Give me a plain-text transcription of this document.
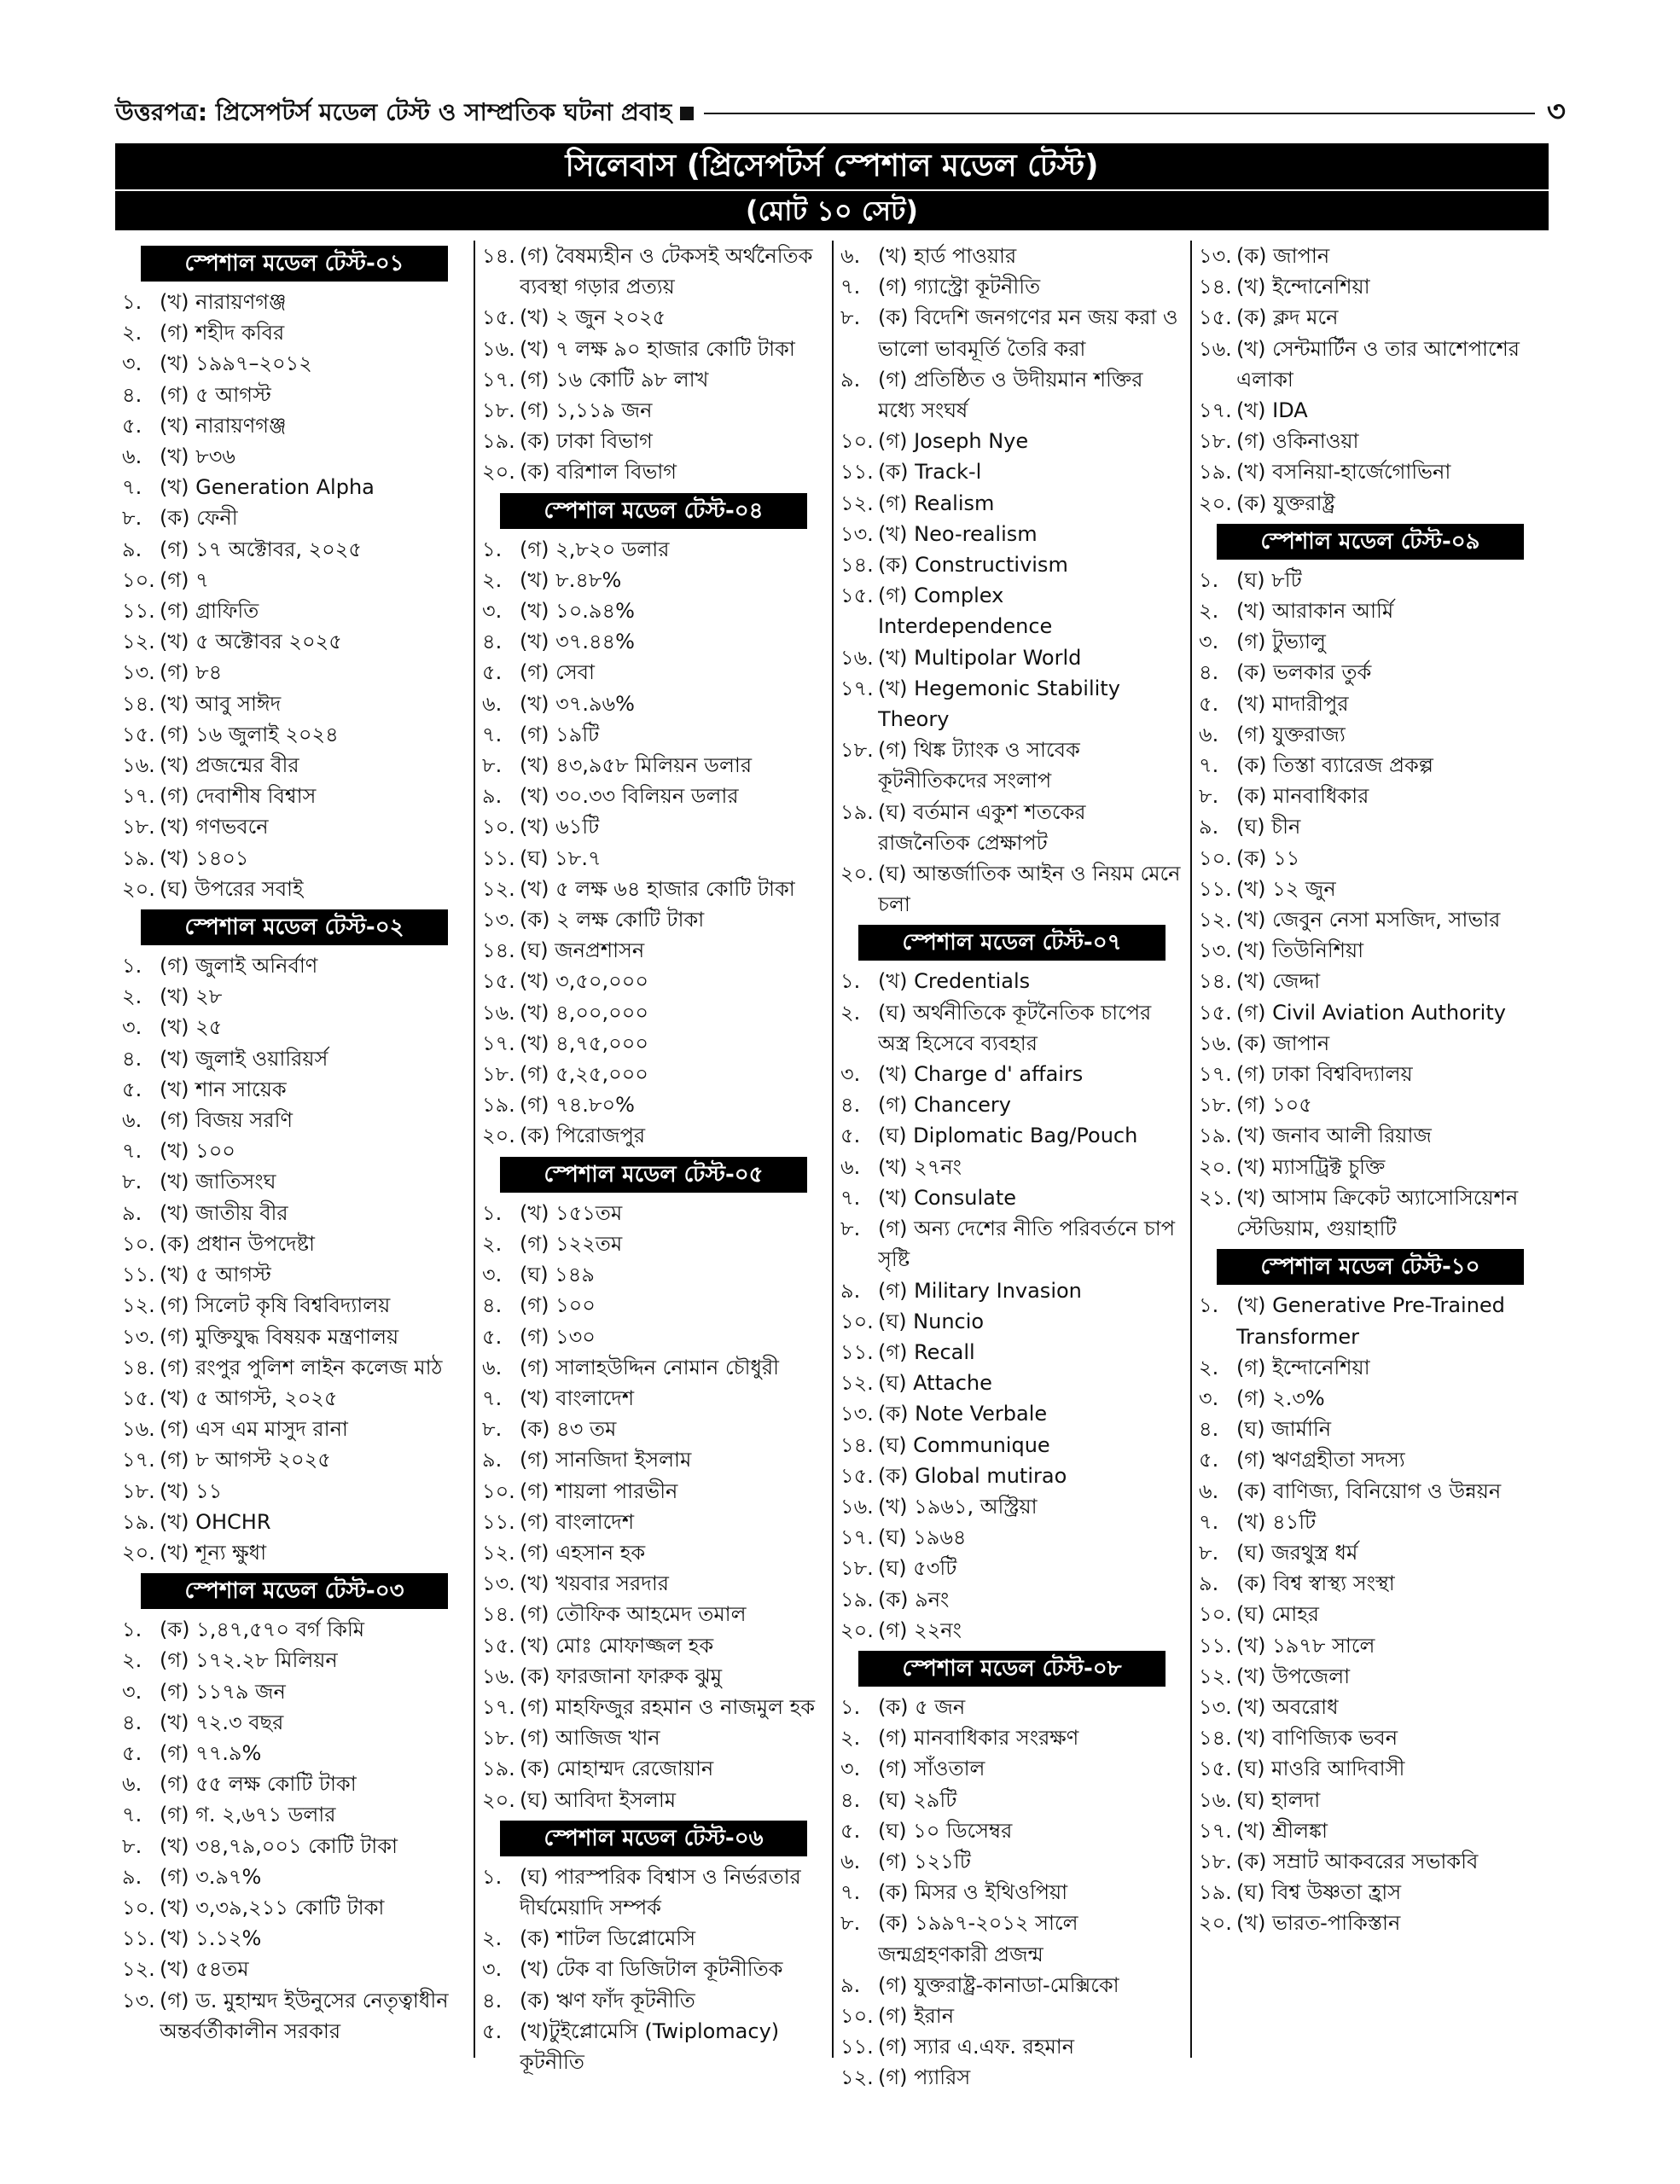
উত্তরপত্র: প্রিসেপটর্স মডেল টেস্ট ও সাম্প্রতিক ঘটনা প্রবাহ	৩
সিলেবাস (প্রিসেপটর্স স্পেশাল মডেল টেস্ট)
(মোট ১০ সেট)
স্পেশাল মডেল টেস্ট-০১
১. (খ) নারায়ণগঞ্জ
২. (গ) শহীদ কবির
৩. (খ) ১৯৯৭–২০১২
৪. (গ) ৫ আগস্ট
৫. (খ) নারায়ণগঞ্জ
৬. (খ) ৮৩৬
৭. (খ) Generation Alpha
৮. (ক) ফেনী
৯. (গ) ১৭ অক্টোবর, ২০২৫
১০. (গ) ৭
১১. (গ) গ্রাফিতি
১২. (খ) ৫ অক্টোবর ২০২৫
১৩. (গ) ৮৪
১৪. (খ) আবু সাঈদ
১৫. (গ) ১৬ জুলাই ২০২৪
১৬. (খ) প্রজন্মের বীর
১৭. (গ) দেবাশীষ বিশ্বাস
১৮. (খ) গণভবনে
১৯. (খ) ১৪০১
২০. (ঘ) উপরের সবাই
স্পেশাল মডেল টেস্ট-০২
১. (গ) জুলাই অনির্বাণ
২. (খ) ২৮
৩. (খ) ২৫
৪. (খ) জুলাই ওয়ারিয়র্স
৫. (খ) শান সায়েক
৬. (গ) বিজয় সরণি
৭. (খ) ১০০
৮. (খ) জাতিসংঘ
৯. (খ) জাতীয় বীর
১০. (ক) প্রধান উপদেষ্টা
১১. (খ) ৫ আগস্ট
১২. (গ) সিলেট কৃষি বিশ্ববিদ্যালয়
১৩. (গ) মুক্তিযুদ্ধ বিষয়ক মন্ত্রণালয়
১৪. (গ) রংপুর পুলিশ লাইন কলেজ মাঠ
১৫. (খ) ৫ আগস্ট, ২০২৫
১৬. (গ) এস এম মাসুদ রানা
১৭. (গ) ৮ আগস্ট ২০২৫
১৮. (খ) ১১
১৯. (খ) OHCHR
২০. (খ) শূন্য ক্ষুধা
স্পেশাল মডেল টেস্ট-০৩
১. (ক) ১,৪৭,৫৭০ বর্গ কিমি
২. (গ) ১৭২.২৮ মিলিয়ন
৩. (গ) ১১৭৯ জন
৪. (খ) ৭২.৩ বছর
৫. (গ) ৭৭.৯%
৬. (গ) ৫৫ লক্ষ কোটি টাকা
৭. (গ) গ. ২,৬৭১ ডলার
৮. (খ) ৩৪,৭৯,০০১ কোটি টাকা
৯. (গ) ৩.৯৭%
১০. (খ) ৩,৩৯,২১১ কোটি টাকা
১১. (খ) ১.১২%
১২. (খ) ৫৪তম
১৩. (গ) ড. মুহাম্মদ ইউনুসের নেতৃত্বাধীন অন্তর্বর্তীকালীন সরকার
১৪. (গ) বৈষম্যহীন ও টেকসই অর্থনৈতিক ব্যবস্থা গড়ার প্রত্যয়
১৫. (খ) ২ জুন ২০২৫
১৬. (খ) ৭ লক্ষ ৯০ হাজার কোটি টাকা
১৭. (গ) ১৬ কোটি ৯৮ লাখ
১৮. (গ) ১,১১৯ জন
১৯. (ক) ঢাকা বিভাগ
২০. (ক) বরিশাল বিভাগ
স্পেশাল মডেল টেস্ট-০৪
১. (গ) ২,৮২০ ডলার
২. (খ) ৮.৪৮%
৩. (খ) ১০.৯৪%
৪. (খ) ৩৭.৪৪%
৫. (গ) সেবা
৬. (খ) ৩৭.৯৬%
৭. (গ) ১৯টি
৮. (খ) ৪৩,৯৫৮ মিলিয়ন ডলার
৯. (খ) ৩০.৩৩ বিলিয়ন ডলার
১০. (খ) ৬১টি
১১. (ঘ) ১৮.৭
১২. (খ) ৫ লক্ষ ৬৪ হাজার কোটি টাকা
১৩. (ক) ২ লক্ষ কোটি টাকা
১৪. (ঘ) জনপ্রশাসন
১৫. (খ) ৩,৫০,০০০
১৬. (খ) ৪,০০,০০০
১৭. (খ) ৪,৭৫,০০০
১৮. (গ) ৫,২৫,০০০
১৯. (গ) ৭৪.৮০%
২০. (ক) পিরোজপুর
স্পেশাল মডেল টেস্ট-০৫
১. (খ) ১৫১তম
২. (গ) ১২২তম
৩. (ঘ) ১৪৯
৪. (গ) ১০০
৫. (গ) ১৩০
৬. (গ) সালাহউদ্দিন নোমান চৌধুরী
৭. (খ) বাংলাদেশ
৮. (ক) ৪৩ তম
৯. (গ) সানজিদা ইসলাম
১০. (গ) শায়লা পারভীন
১১. (গ) বাংলাদেশ
১২. (গ) এহসান হক
১৩. (খ) খয়বার সরদার
১৪. (গ) তৌফিক আহমেদ তমাল
১৫. (খ) মোঃ মোফাজ্জল হক
১৬. (ক) ফারজানা ফারুক ঝুমু
১৭. (গ) মাহফিজুর রহমান ও নাজমুল হক
১৮. (গ) আজিজ খান
১৯. (ক) মোহাম্মদ রেজোয়ান
২০. (ঘ) আবিদা ইসলাম
স্পেশাল মডেল টেস্ট-০৬
১. (ঘ) পারস্পরিক বিশ্বাস ও নির্ভরতার দীর্ঘমেয়াদি সম্পর্ক
২. (ক) শাটল ডিপ্লোমেসি
৩. (খ) টেক বা ডিজিটাল কূটনীতিক
৪. (ক) ঋণ ফাঁদ কূটনীতি
৫. (খ)টুইপ্লোমেসি (Twiplomacy) কূটনীতি
৬. (খ) হার্ড পাওয়ার
৭. (গ) গ্যাস্ট্রো কূটনীতি
৮. (ক) বিদেশি জনগণের মন জয় করা ও ভালো ভাবমূর্তি তৈরি করা
৯. (গ) প্রতিষ্ঠিত ও উদীয়মান শক্তির মধ্যে সংঘর্ষ
১০. (গ) Joseph Nye
১১. (ক) Track-l
১২. (গ) Realism
১৩. (খ) Neo-realism
১৪. (ক) Constructivism
১৫. (গ) Complex Interdependence
১৬. (খ) Multipolar World
১৭. (খ) Hegemonic Stability Theory
১৮. (গ) থিঙ্ক ট্যাংক ও সাবেক কূটনীতিকদের সংলাপ
১৯. (ঘ) বর্তমান একুশ শতকের রাজনৈতিক প্রেক্ষাপট
২০. (ঘ) আন্তর্জাতিক আইন ও নিয়ম মেনে চলা
স্পেশাল মডেল টেস্ট-০৭
১. (খ) Credentials
২. (ঘ) অর্থনীতিকে কূটনৈতিক চাপের অস্ত্র হিসেবে ব্যবহার
৩. (খ) Charge d' affairs
৪. (গ) Chancery
৫. (ঘ) Diplomatic Bag/Pouch
৬. (খ) ২৭নং
৭. (খ) Consulate
৮. (গ) অন্য দেশের নীতি পরিবর্তনে চাপ সৃষ্টি
৯. (গ) Military Invasion
১০. (ঘ) Nuncio
১১. (গ) Recall
১২. (ঘ) Attache
১৩. (ক) Note Verbale
১৪. (ঘ) Communique
১৫. (ক) Global mutirao
১৬. (খ) ১৯৬১, অস্ট্রিয়া
১৭. (ঘ) ১৯৬৪
১৮. (ঘ) ৫৩টি
১৯. (ক) ৯নং
২০. (গ) ২২নং
স্পেশাল মডেল টেস্ট-০৮
১. (ক) ৫ জন
২. (গ) মানবাধিকার সংরক্ষণ
৩. (গ) সাঁওতাল
৪. (ঘ) ২৯টি
৫. (ঘ) ১০ ডিসেম্বর
৬. (গ) ১২১টি
৭. (ক) মিসর ও ইথিওপিয়া
৮. (ক) ১৯৯৭-২০১২ সালে জন্মগ্রহণকারী প্রজন্ম
৯. (গ) যুক্তরাষ্ট্র-কানাডা-মেক্সিকো
১০. (গ) ইরান
১১. (গ) স্যার এ.এফ. রহমান
১২. (গ) প্যারিস
১৩. (ক) জাপান
১৪. (খ) ইন্দোনেশিয়া
১৫. (ক) ক্লদ মনে
১৬. (খ) সেন্টমার্টিন ও তার আশেপাশের এলাকা
১৭. (খ) IDA
১৮. (গ) ওকিনাওয়া
১৯. (খ) বসনিয়া-হার্জেগোভিনা
২০. (ক) যুক্তরাষ্ট্র
স্পেশাল মডেল টেস্ট-০৯
১. (ঘ) ৮টি
২. (খ) আরাকান আর্মি
৩. (গ) টুভ্যালু
৪. (ক) ভলকার তুর্ক
৫. (খ) মাদারীপুর
৬. (গ) যুক্তরাজ্য
৭. (ক) তিস্তা ব্যারেজ প্রকল্প
৮. (ক) মানবাধিকার
৯. (ঘ) চীন
১০. (ক) ১১
১১. (খ) ১২ জুন
১২. (খ) জেবুন নেসা মসজিদ, সাভার
১৩. (খ) তিউনিশিয়া
১৪. (খ) জেদ্দা
১৫. (গ) Civil Aviation Authority
১৬. (ক) জাপান
১৭. (গ) ঢাকা বিশ্ববিদ্যালয়
১৮. (গ) ১০৫
১৯. (খ) জনাব আলী রিয়াজ
২০. (খ) ম্যাসট্রিক্ট চুক্তি
২১. (খ) আসাম ক্রিকেট অ্যাসোসিয়েশন স্টেডিয়াম, গুয়াহাটি
স্পেশাল মডেল টেস্ট-১০
১. (খ) Generative Pre-Trained Transformer
২. (গ) ইন্দোনেশিয়া
৩. (গ) ২.৩%
৪. (ঘ) জার্মানি
৫. (গ) ঋণগ্রহীতা সদস্য
৬. (ক) বাণিজ্য, বিনিয়োগ ও উন্নয়ন
৭. (খ) ৪১টি
৮. (ঘ) জরথুস্ত্র ধর্ম
৯. (ক) বিশ্ব স্বাস্থ্য সংস্থা
১০. (ঘ) মোহর
১১. (খ) ১৯৭৮ সালে
১২. (খ) উপজেলা
১৩. (খ) অবরোধ
১৪. (খ) বাণিজ্যিক ভবন
১৫. (ঘ) মাওরি আদিবাসী
১৬. (ঘ) হালদা
১৭. (খ) শ্রীলঙ্কা
১৮. (ক) সম্রাট আকবরের সভাকবি
১৯. (ঘ) বিশ্ব উষ্ণতা হ্রাস
২০. (খ) ভারত-পাকিস্তান
